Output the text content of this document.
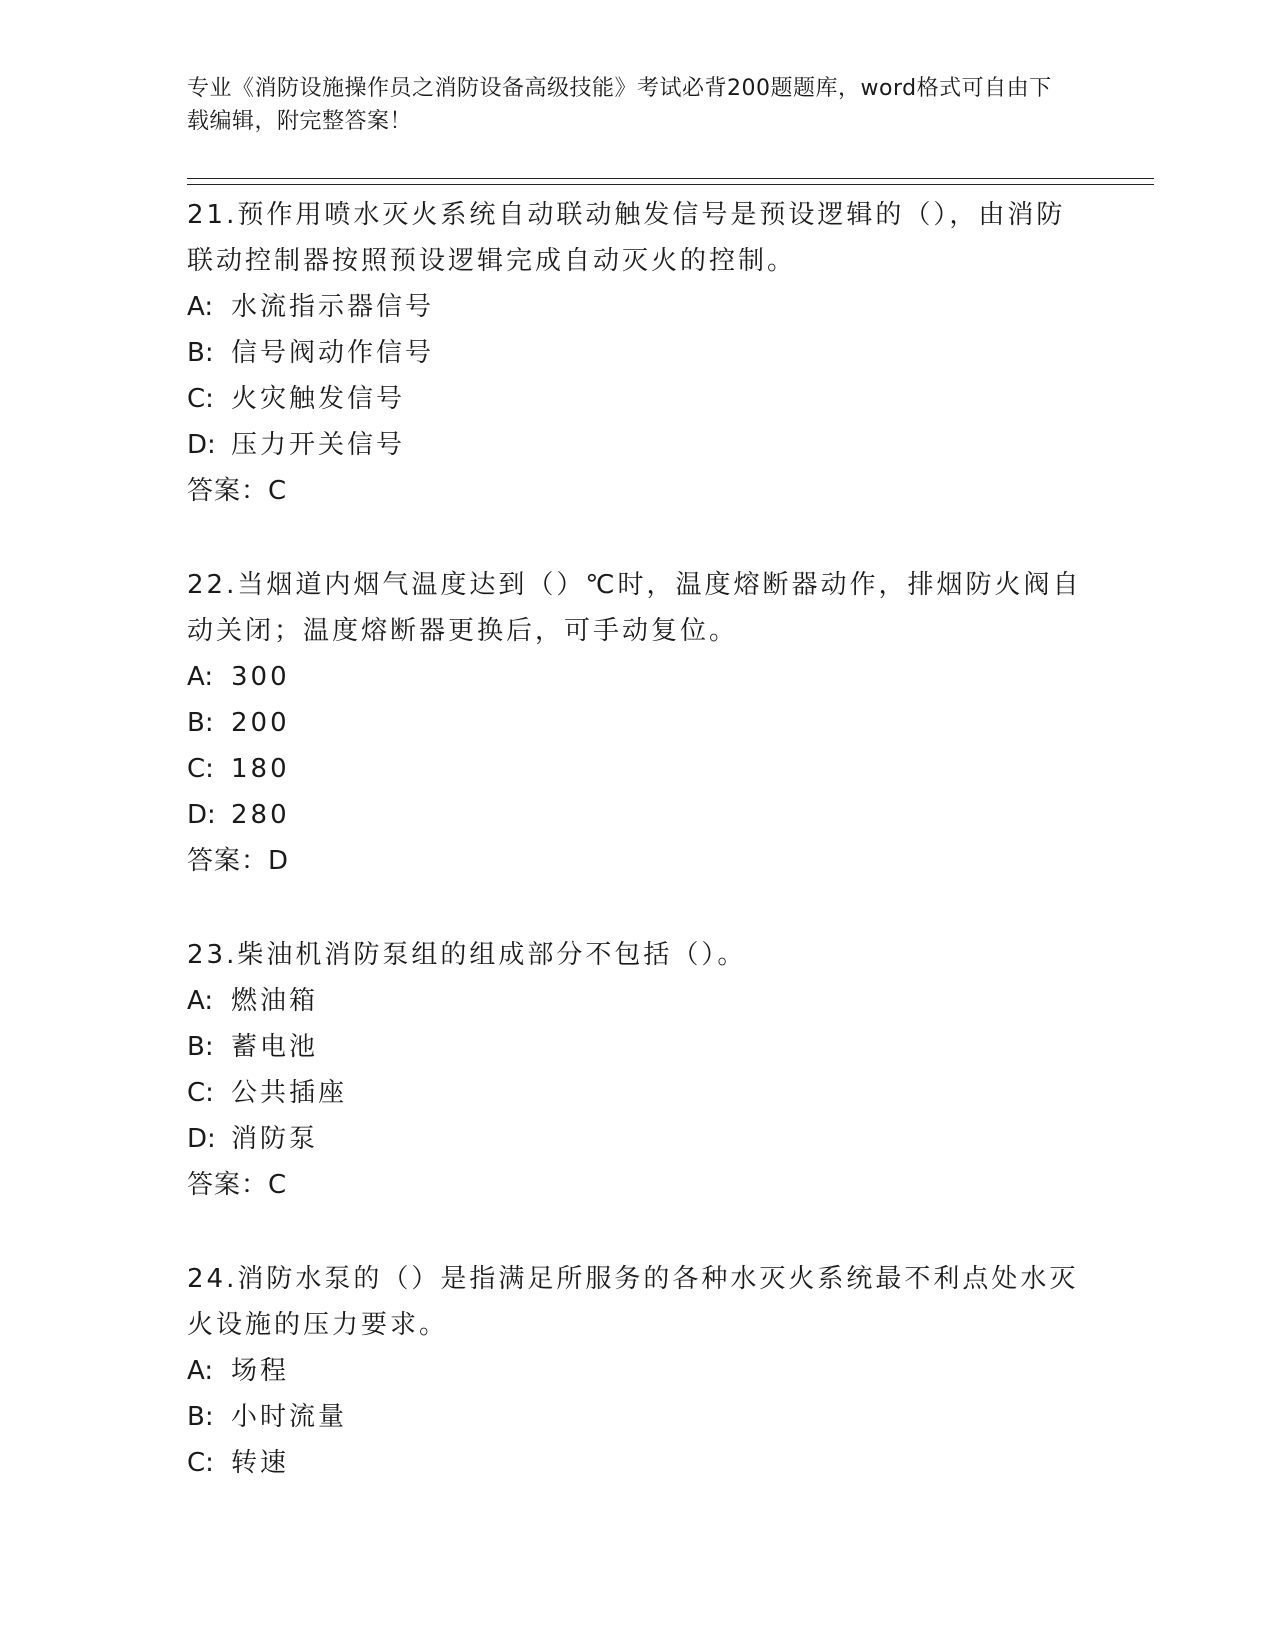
专业《消防设施操作员之消防设备高级技能》考试必背200题题库，word格式可自由下载编辑，附完整答案！

21.预作用喷水灭火系统自动联动触发信号是预设逻辑的（），由消防联动控制器按照预设逻辑完成自动灭火的控制。

A: 水流指示器信号
B: 信号阀动作信号
C: 火灾触发信号
D: 压力开关信号

答案：C

22.当烟道内烟气温度达到（）℃时，温度熔断器动作，排烟防火阀自动关闭；温度熔断器更换后，可手动复位。

A: 300
B: 200
C: 180
D: 280

答案：D

23.柴油机消防泵组的组成部分不包括（）。

A: 燃油箱
B: 蓄电池
C: 公共插座
D: 消防泵

答案：C

24.消防水泵的（）是指满足所服务的各种水灭火系统最不利点处水灭火设施的压力要求。

A: 场程
B: 小时流量
C: 转速
